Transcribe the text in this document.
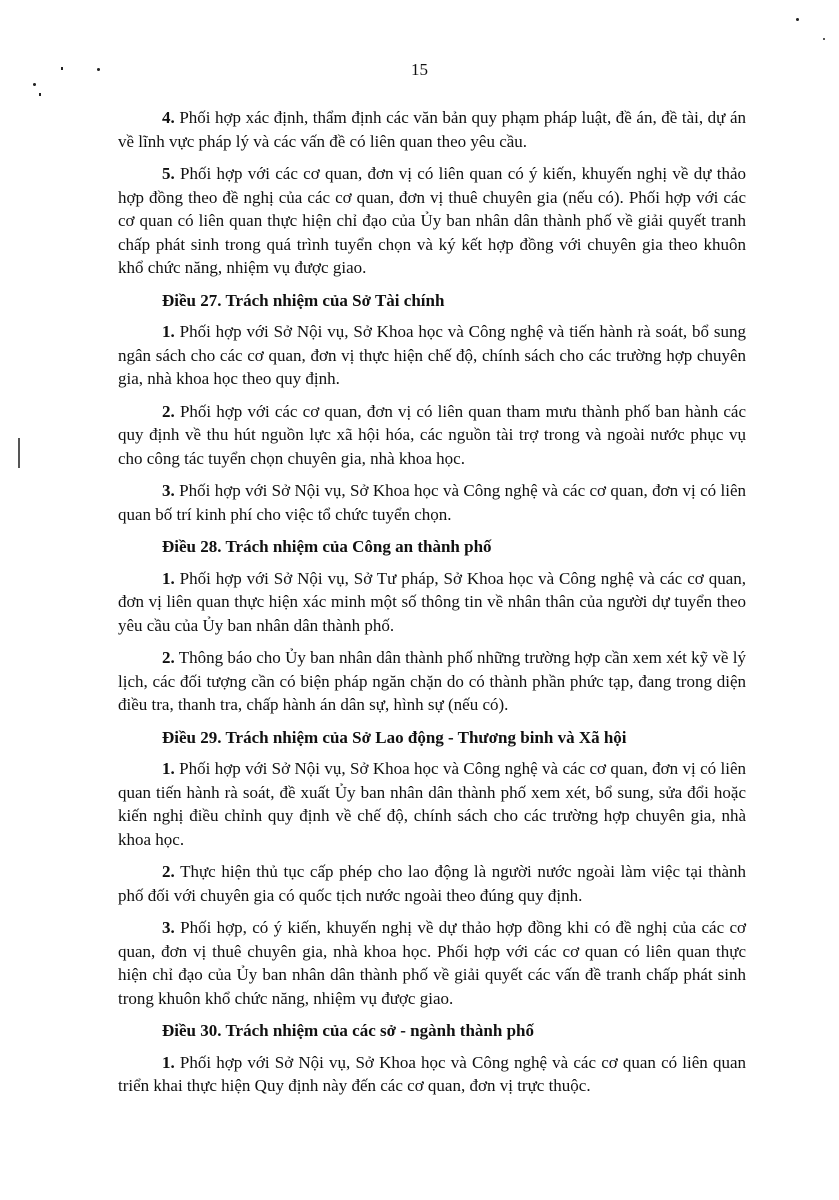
15

4. Phối hợp xác định, thẩm định các văn bản quy phạm pháp luật, đề án, đề tài, dự án về lĩnh vực pháp lý và các vấn đề có liên quan theo yêu cầu.

5. Phối hợp với các cơ quan, đơn vị có liên quan có ý kiến, khuyến nghị về dự thảo hợp đồng theo đề nghị của các cơ quan, đơn vị thuê chuyên gia (nếu có). Phối hợp với các cơ quan có liên quan thực hiện chỉ đạo của Ủy ban nhân dân thành phố về giải quyết tranh chấp phát sinh trong quá trình tuyển chọn và ký kết hợp đồng với chuyên gia theo khuôn khổ chức năng, nhiệm vụ được giao.

Điều 27. Trách nhiệm của Sở Tài chính

1. Phối hợp với Sở Nội vụ, Sở Khoa học và Công nghệ và tiến hành rà soát, bổ sung ngân sách cho các cơ quan, đơn vị thực hiện chế độ, chính sách cho các trường hợp chuyên gia, nhà khoa học theo quy định.

2. Phối hợp với các cơ quan, đơn vị có liên quan tham mưu thành phố ban hành các quy định về thu hút nguồn lực xã hội hóa, các nguồn tài trợ trong và ngoài nước phục vụ cho công tác tuyển chọn chuyên gia, nhà khoa học.

3. Phối hợp với Sở Nội vụ, Sở Khoa học và Công nghệ và các cơ quan, đơn vị có liên quan bố trí kinh phí cho việc tổ chức tuyển chọn.

Điều 28. Trách nhiệm của Công an thành phố

1. Phối hợp với Sở Nội vụ, Sở Tư pháp, Sở Khoa học và Công nghệ và các cơ quan, đơn vị liên quan thực hiện xác minh một số thông tin về nhân thân của người dự tuyển theo yêu cầu của Ủy ban nhân dân thành phố.

2. Thông báo cho Ủy ban nhân dân thành phố những trường hợp cần xem xét kỹ về lý lịch, các đối tượng cần có biện pháp ngăn chặn do có thành phần phức tạp, đang trong diện điều tra, thanh tra, chấp hành án dân sự, hình sự (nếu có).

Điều 29. Trách nhiệm của Sở Lao động - Thương binh và Xã hội

1. Phối hợp với Sở Nội vụ, Sở Khoa học và Công nghệ và các cơ quan, đơn vị có liên quan tiến hành rà soát, đề xuất Ủy ban nhân dân thành phố xem xét, bổ sung, sửa đổi hoặc kiến nghị điều chỉnh quy định về chế độ, chính sách cho các trường hợp chuyên gia, nhà khoa học.

2. Thực hiện thủ tục cấp phép cho lao động là người nước ngoài làm việc tại thành phố đối với chuyên gia có quốc tịch nước ngoài theo đúng quy định.

3. Phối hợp, có ý kiến, khuyến nghị về dự thảo hợp đồng khi có đề nghị của các cơ quan, đơn vị thuê chuyên gia, nhà khoa học. Phối hợp với các cơ quan có liên quan thực hiện chỉ đạo của Ủy ban nhân dân thành phố về giải quyết các vấn đề tranh chấp phát sinh trong khuôn khổ chức năng, nhiệm vụ được giao.

Điều 30. Trách nhiệm của các sở - ngành thành phố

1. Phối hợp với Sở Nội vụ, Sở Khoa học và Công nghệ và các cơ quan có liên quan triển khai thực hiện Quy định này đến các cơ quan, đơn vị trực thuộc.
